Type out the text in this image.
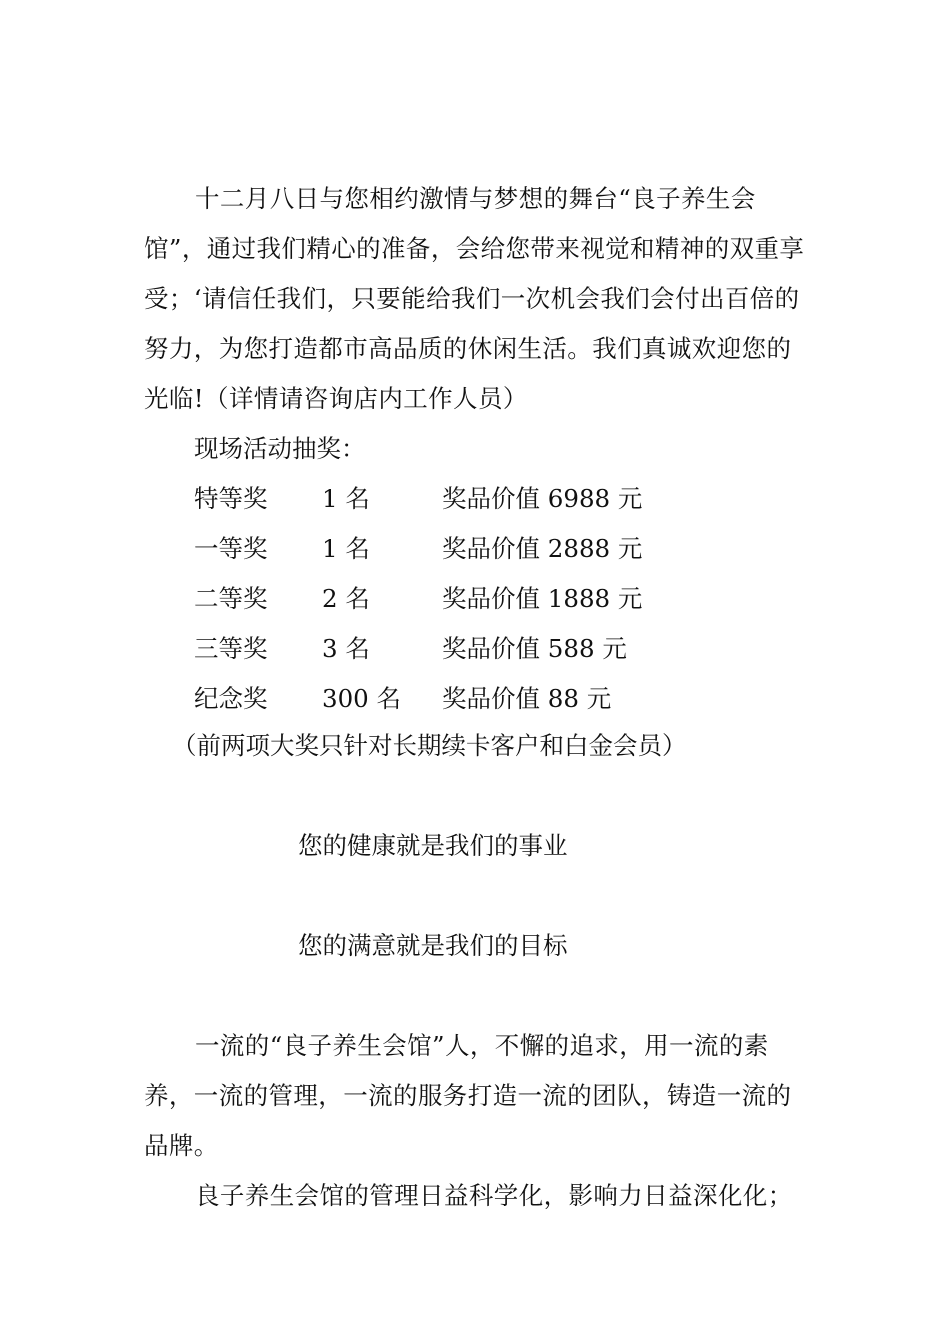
十二月八日与您相约激情与梦想的舞台“良子养生会馆”，通过我们精心的准备，会给您带来视觉和精神的双重享受；‘请信任我们，只要能给我们一次机会我们会付出百倍的努力，为您打造都市高品质的休闲生活。我们真诚欢迎您的光临!（详情请咨询店内工作人员）

现场活动抽奖：

特等奖 1 名	奖品价值 6988 元
一等奖 1 名	奖品价值 2888 元
二等奖 2 名	奖品价值 1888 元
三等奖 3 名	奖品价值 588 元
纪念奖 300 名 奖品价值 88 元

（前两项大奖只针对长期续卡客户和白金会员）

您的健康就是我们的事业

您的满意就是我们的目标

一流的“良子养生会馆”人，不懈的追求，用一流的素养，一流的管理，一流的服务打造一流的团队，铸造一流的品牌。

良子养生会馆的管理日益科学化，影响力日益深化化；
